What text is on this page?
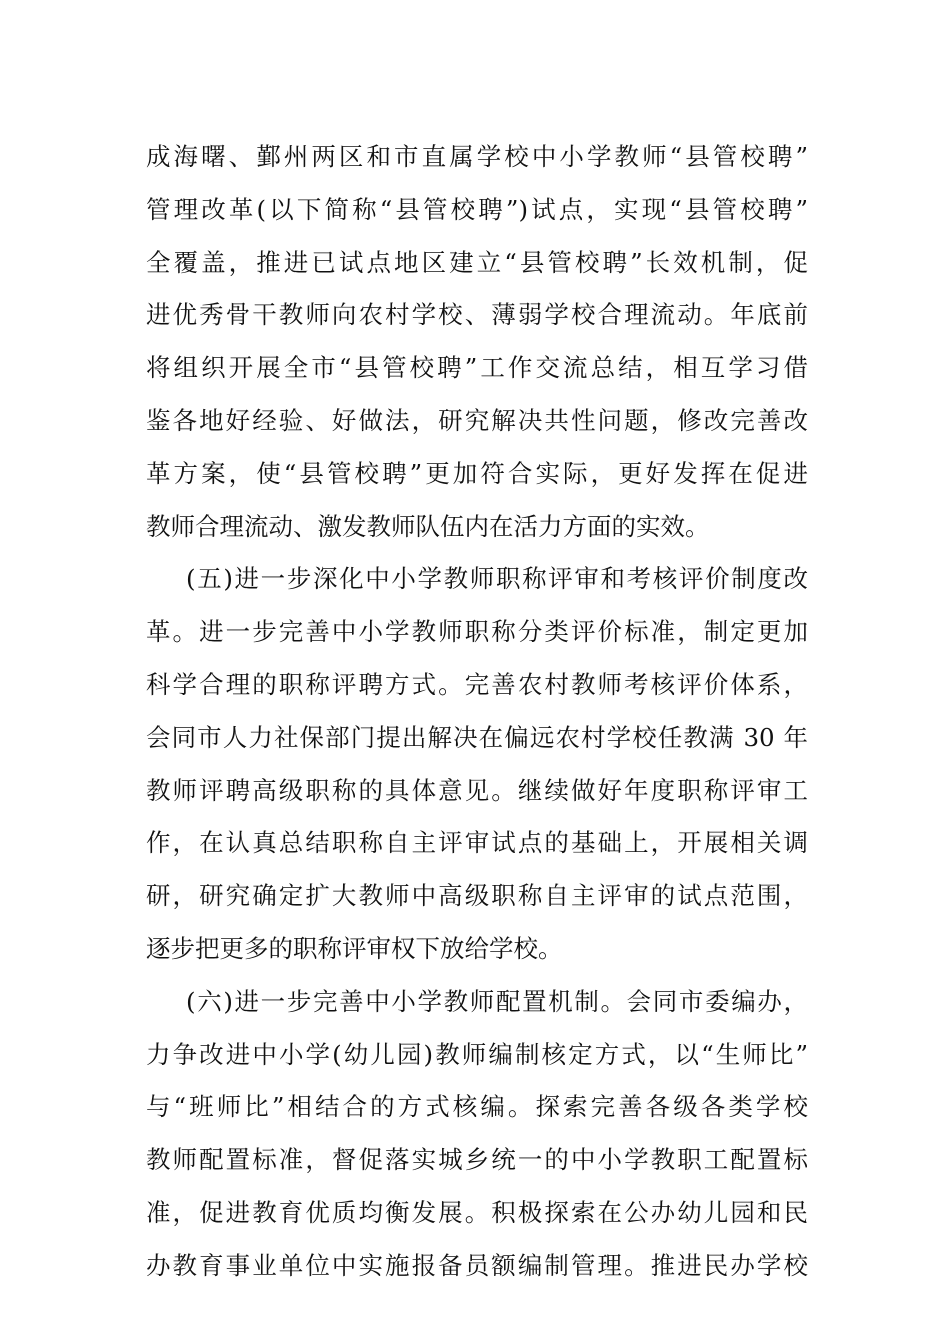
成海曙、鄞州两区和市直属学校中小学教师“县管校聘”
管理改革(以下简称“县管校聘”)试点，实现“县管校聘”
全覆盖，推进已试点地区建立“县管校聘”长效机制，促
进优秀骨干教师向农村学校、薄弱学校合理流动。年底前
将组织开展全市“县管校聘”工作交流总结，相互学习借
鉴各地好经验、好做法，研究解决共性问题，修改完善改
革方案，使“县管校聘”更加符合实际，更好发挥在促进
教师合理流动、激发教师队伍内在活力方面的实效。
(五)进一步深化中小学教师职称评审和考核评价制度改
革。进一步完善中小学教师职称分类评价标准，制定更加
科学合理的职称评聘方式。完善农村教师考核评价体系，
会同市人力社保部门提出解决在偏远农村学校任教满 30 年
教师评聘高级职称的具体意见。继续做好年度职称评审工
作，在认真总结职称自主评审试点的基础上，开展相关调
研，研究确定扩大教师中高级职称自主评审的试点范围，
逐步把更多的职称评审权下放给学校。
(六)进一步完善中小学教师配置机制。会同市委编办，
力争改进中小学(幼儿园)教师编制核定方式，以“生师比”
与“班师比”相结合的方式核编。探索完善各级各类学校
教师配置标准，督促落实城乡统一的中小学教职工配置标
准，促进教育优质均衡发展。积极探索在公办幼儿园和民
办教育事业单位中实施报备员额编制管理。推进民办学校
